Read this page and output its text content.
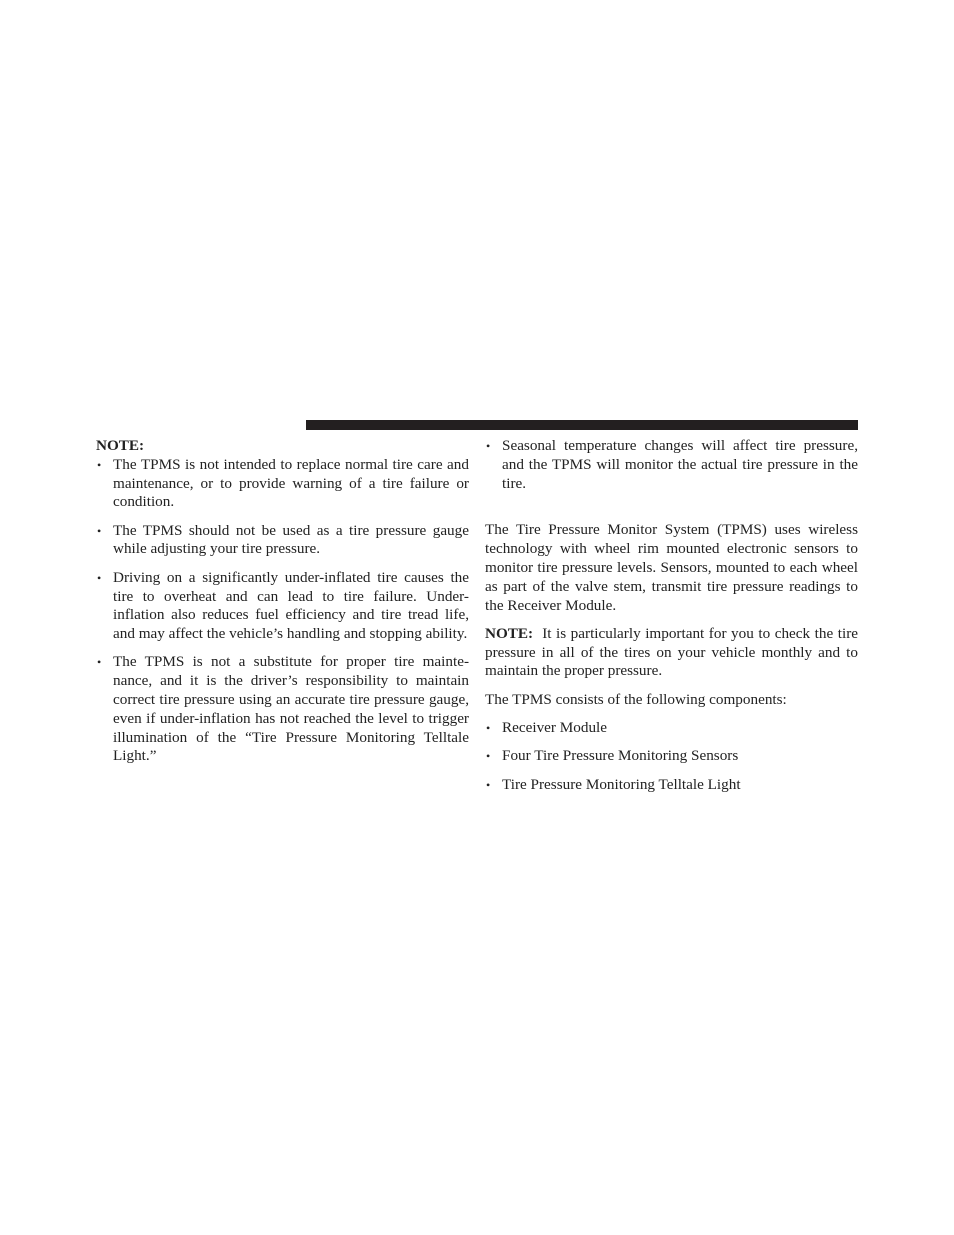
NOTE:

• The TPMS is not intended to replace normal tire care and maintenance, or to provide warning of a tire failure or condition.
• The TPMS should not be used as a tire pressure gauge while adjusting your tire pressure.
• Driving on a significantly under-inflated tire causes the tire to overheat and can lead to tire failure. Under-inflation also reduces fuel efficiency and tire tread life, and may affect the vehicle’s handling and stopping ability.
• The TPMS is not a substitute for proper tire mainte- nance, and it is the driver’s responsibility to maintain correct tire pressure using an accurate tire pressure gauge, even if under-inflation has not reached the level to trigger illumination of the “Tire Pressure Monitoring Telltale Light.”
• Seasonal temperature changes will affect tire pressure, and the TPMS will monitor the actual tire pressure in the tire.

The Tire Pressure Monitor System (TPMS) uses wireless technology with wheel rim mounted electronic sensors to monitor tire pressure levels. Sensors, mounted to each wheel as part of the valve stem, transmit tire pressure readings to the Receiver Module.

NOTE: It is particularly important for you to check the tire pressure in all of the tires on your vehicle monthly and to maintain the proper pressure.

The TPMS consists of the following components:

• Receiver Module
• Four Tire Pressure Monitoring Sensors
• Tire Pressure Monitoring Telltale Light
